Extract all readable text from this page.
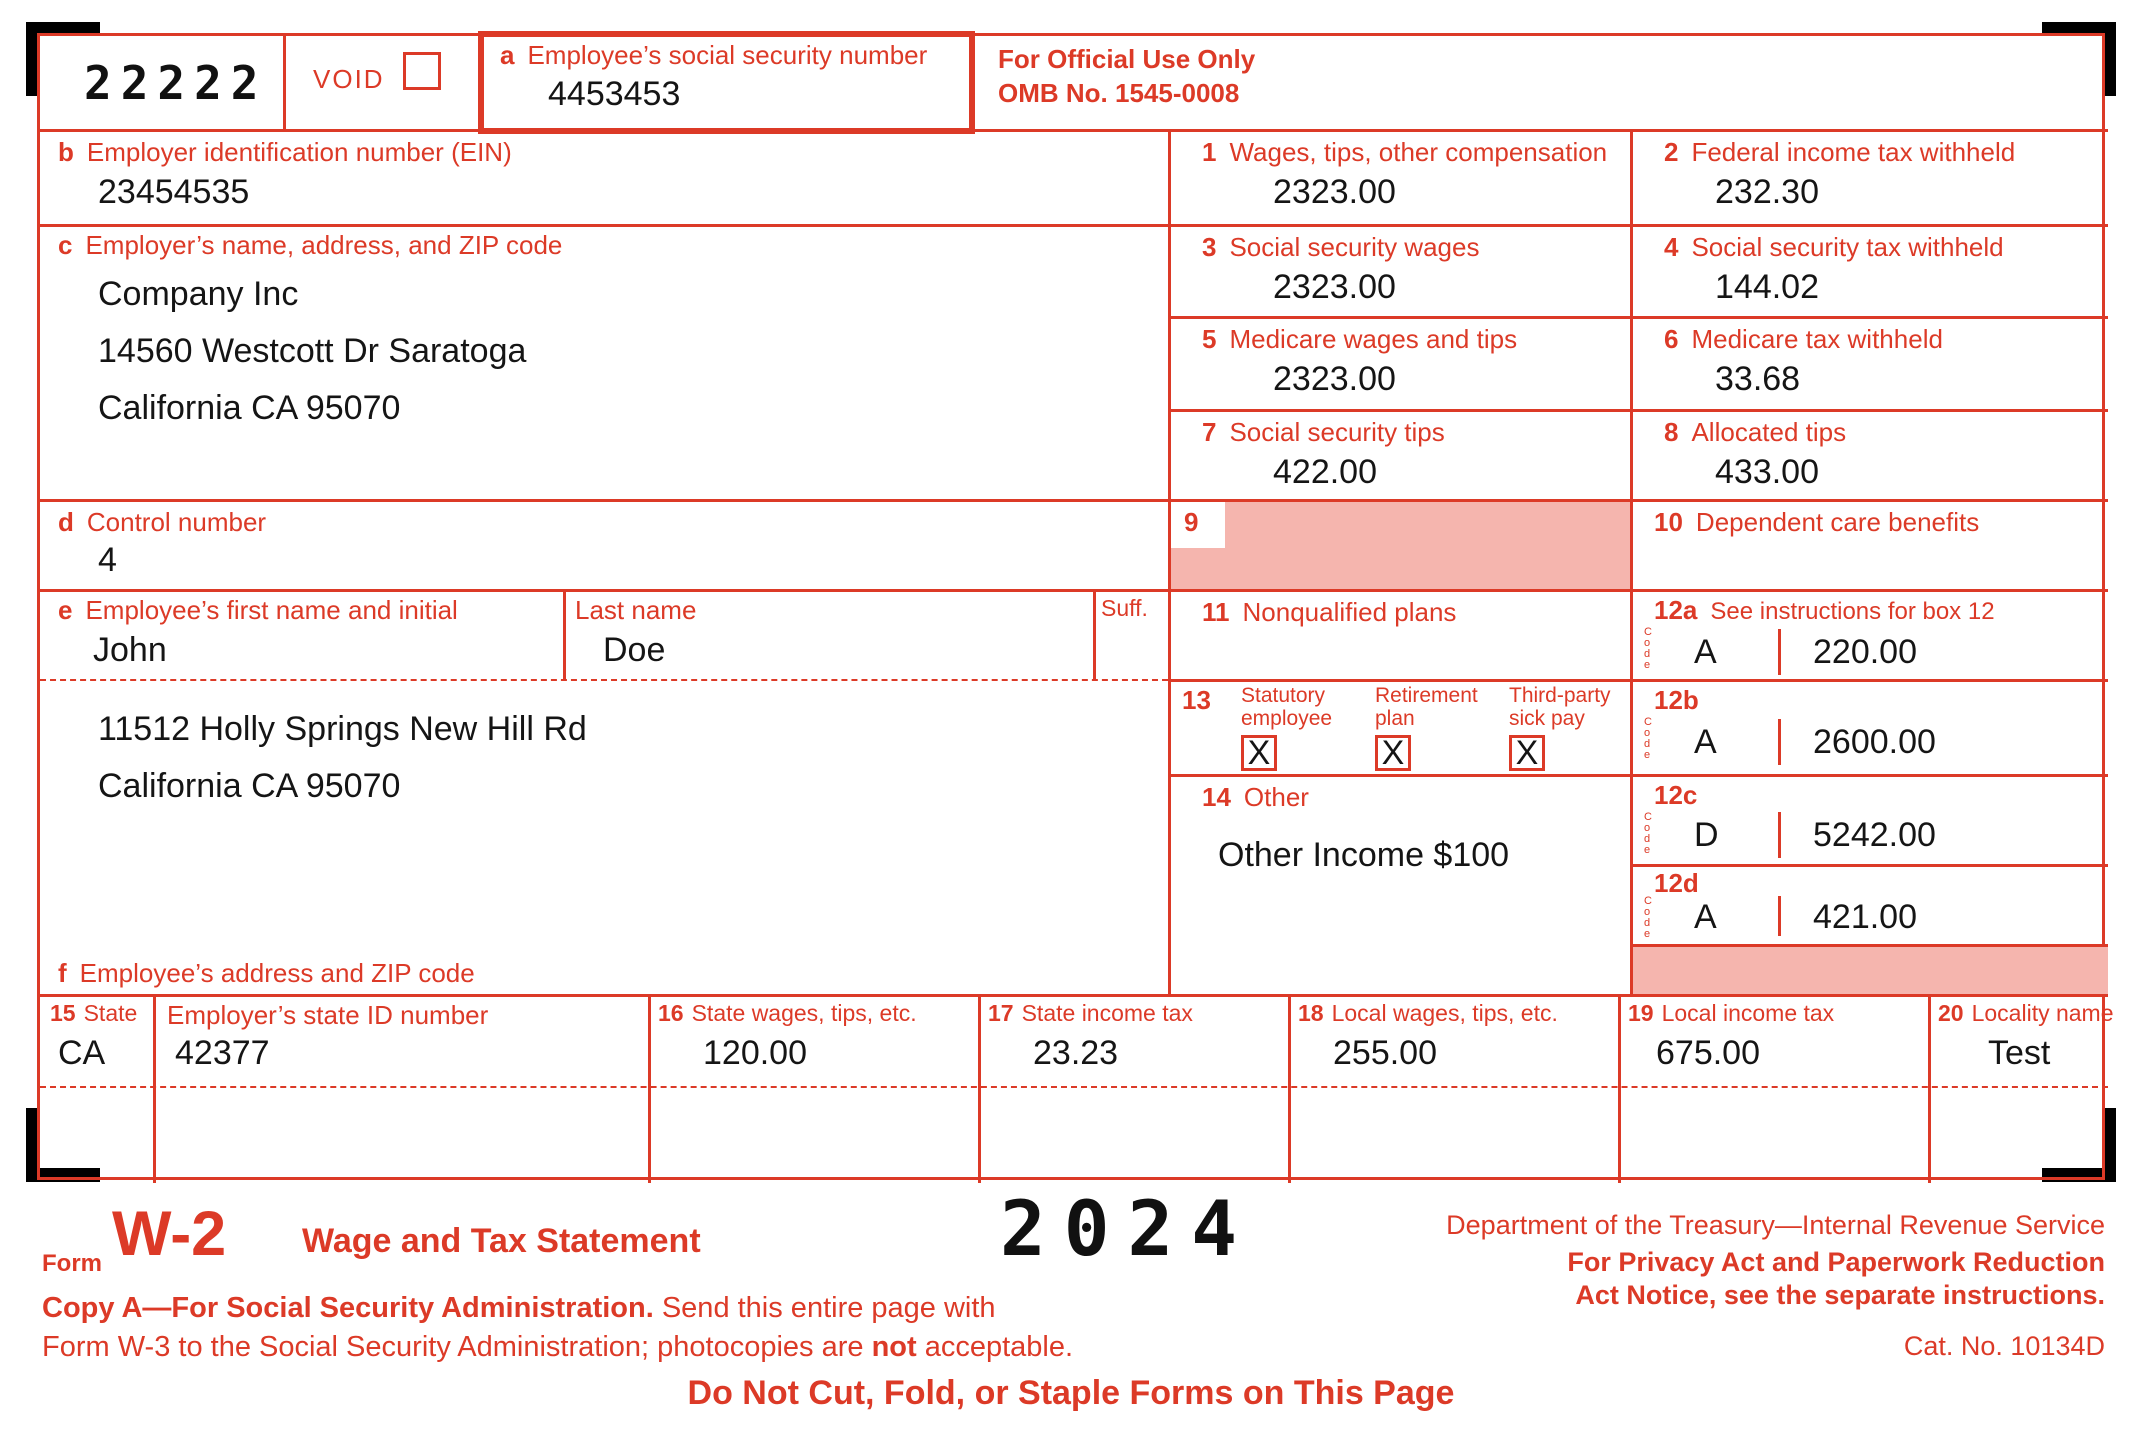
22222 VOID
a Employee’s social security number
4453453
For Official Use Only
OMB No. 1545-0008
b Employer identification number (EIN)
23454535
c Employer’s name, address, and ZIP code
Company Inc
14560 Westcott Dr Saratoga
California CA 95070
d Control number
4
e Employee’s first name and initial
John
Last name
Doe
Suff.
11512 Holly Springs New Hill Rd
California CA 95070
f Employee’s address and ZIP code
1 Wages, tips, other compensation
2323.00
2 Federal income tax withheld
232.30
3 Social security wages
2323.00
4 Social security tax withheld
144.02
5 Medicare wages and tips
2323.00
6 Medicare tax withheld
33.68
7 Social security tips
422.00
8 Allocated tips
433.00
9	10 Dependent care benefits
11 Nonqualified plans	12a See instructions for box 12
Code A	220.00
13	Statutory employee
X
Retirement plan
X
Third-party sick pay
X
12b
Code A	2600.00
14 Other
Other Income $100
12c
Code D	5242.00
12d
Code A	421.00
15 State
CA
Employer’s state ID number
42377
16 State wages, tips, etc.
120.00
17 State income tax
23.23
18 Local wages, tips, etc.
255.00
19 Local income tax
675.00
20 Locality name
Test
Form W-2 Wage and Tax Statement	2024	Department of the Treasury—Internal Revenue Service
For Privacy Act and Paperwork Reduction
Act Notice, see the separate instructions.
Copy A—For Social Security Administration. Send this entire page with
Form W-3 to the Social Security Administration; photocopies are not acceptable.	Cat. No. 10134D
Do Not Cut, Fold, or Staple Forms on This Page
